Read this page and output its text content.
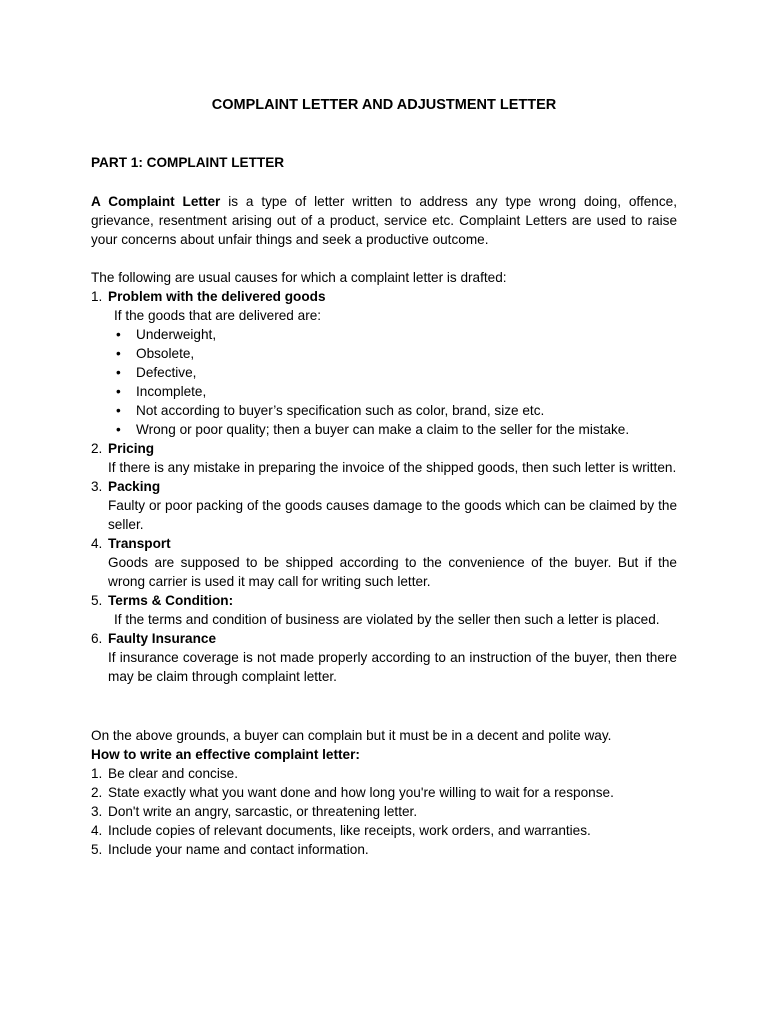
COMPLAINT LETTER AND ADJUSTMENT LETTER
PART 1: COMPLAINT LETTER

A Complaint Letter is a type of letter written to address any type wrong doing, offence, grievance, resentment arising out of a product, service etc. Complaint Letters are used to raise your concerns about unfair things and seek a productive outcome.

The following are usual causes for which a complaint letter is drafted:
1. Problem with the delivered goods
If the goods that are delivered are:
• Underweight,
• Obsolete,
• Defective,
• Incomplete,
• Not according to buyer’s specification such as color, brand, size etc.
• Wrong or poor quality; then a buyer can make a claim to the seller for the mistake.
2. Pricing
If there is any mistake in preparing the invoice of the shipped goods, then such letter is written.
3. Packing
Faulty or poor packing of the goods causes damage to the goods which can be claimed by the seller.
4. Transport
Goods are supposed to be shipped according to the convenience of the buyer. But if the wrong carrier is used it may call for writing such letter.
5. Terms & Condition:
If the terms and condition of business are violated by the seller then such a letter is placed.
6. Faulty Insurance
If insurance coverage is not made properly according to an instruction of the buyer, then there may be claim through complaint letter.
On the above grounds, a buyer can complain but it must be in a decent and polite way.
How to write an effective complaint letter:
1. Be clear and concise.
2. State exactly what you want done and how long you're willing to wait for a response.
3. Don't write an angry, sarcastic, or threatening letter.
4. Include copies of relevant documents, like receipts, work orders, and warranties.
5. Include your name and contact information.
